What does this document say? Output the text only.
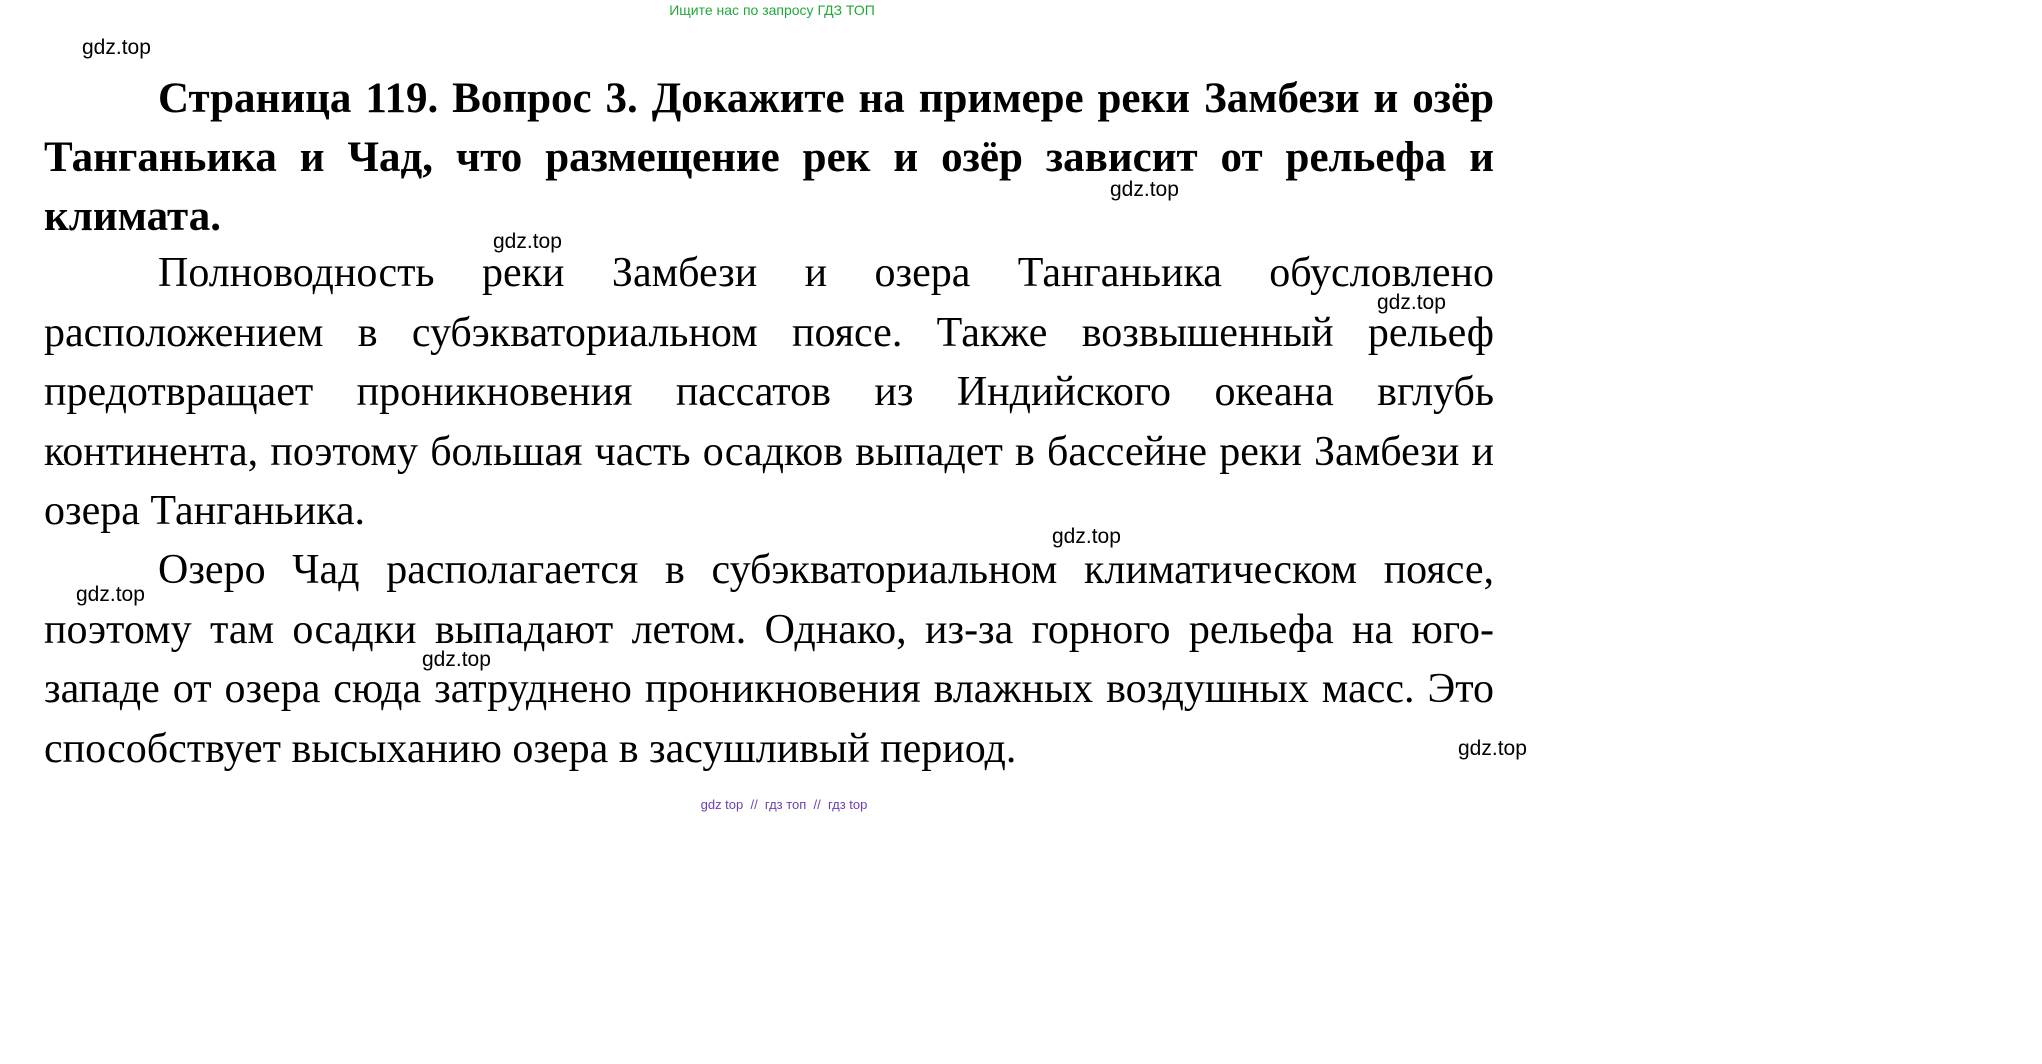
Ищите нас по запросу ГДЗ ТОП

Страница 119. Вопрос 3. Докажите на примере реки Замбези и озёр Танганьика и Чад, что размещение рек и озёр зависит от рельефа и климата.

Полноводность реки Замбези и озера Танганьика обусловлено расположением в субэкваториальном поясе. Также возвышенный рельеф предотвращает проникновения пассатов из Индийского океана вглубь континента, поэтому большая часть осадков выпадет в бассейне реки Замбези и озера Танганьика.

Озеро Чад располагается в субэкваториальном климатическом поясе, поэтому там осадки выпадают летом. Однако, из-за горного рельефа на юго-западе от озера сюда затруднено проникновения влажных воздушных масс. Это способствует высыханию озера в засушливый период.

gdz.top
gdz.top
gdz.top
gdz.top
gdz.top
gdz.top
gdz.top
gdz.top
gdz top  //  гдз топ  //  гдз top
